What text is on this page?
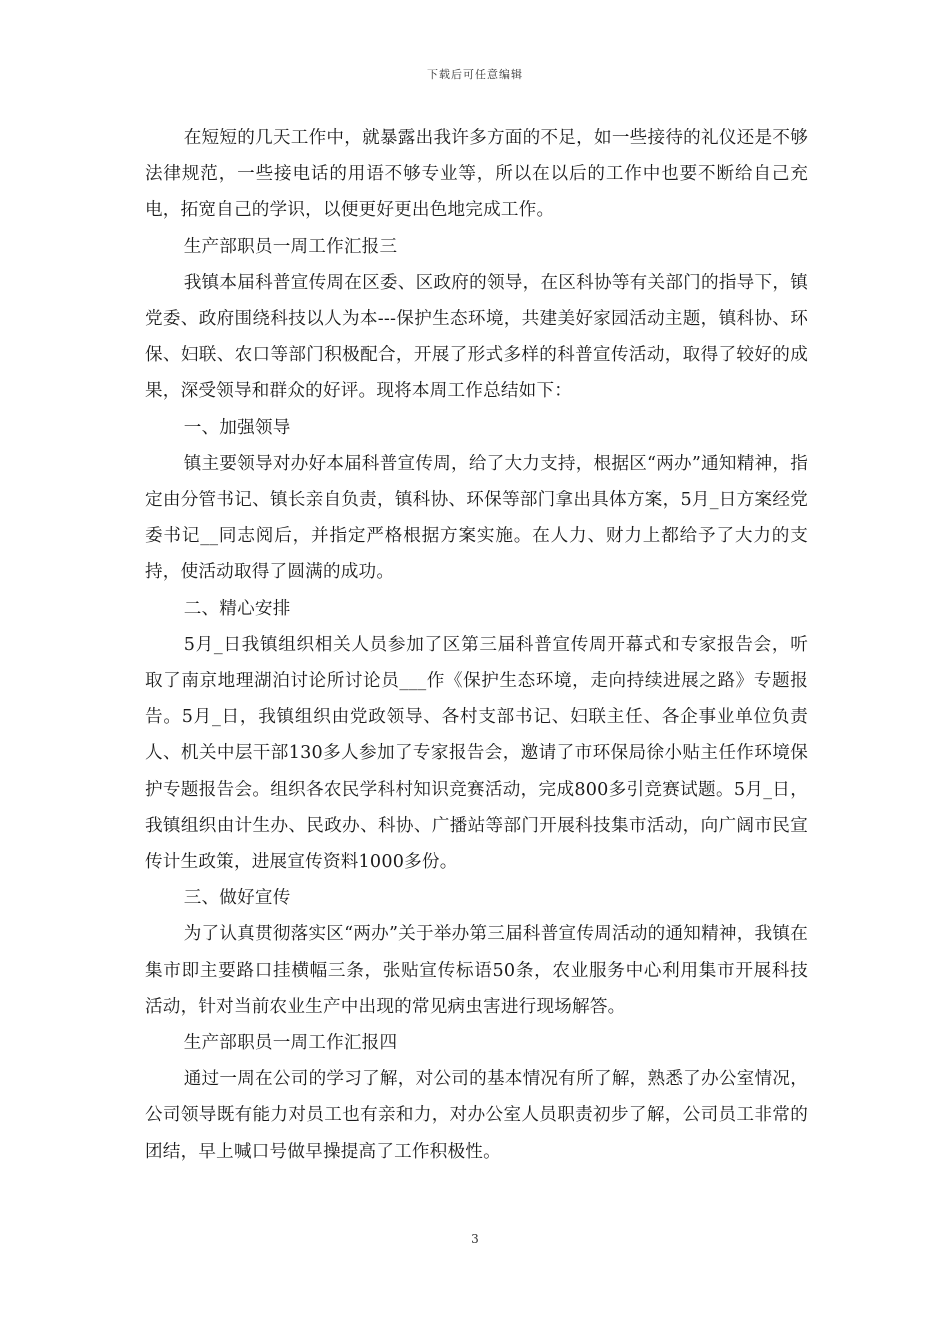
下载后可任意编辑

在短短的几天工作中，就暴露出我许多方面的不足，如一些接待的礼仪还是不够法律规范，一些接电话的用语不够专业等，所以在以后的工作中也要不断给自己充电，拓宽自己的学识，以便更好更出色地完成工作。

生产部职员一周工作汇报三

我镇本届科普宣传周在区委、区政府的领导，在区科协等有关部门的指导下，镇党委、政府围绕科技以人为本---保护生态环境，共建美好家园活动主题，镇科协、环保、妇联、农口等部门积极配合，开展了形式多样的科普宣传活动，取得了较好的成果，深受领导和群众的好评。现将本周工作总结如下：

一、加强领导

镇主要领导对办好本届科普宣传周，给了大力支持，根据区“两办”通知精神，指定由分管书记、镇长亲自负责，镇科协、环保等部门拿出具体方案，5月_日方案经党委书记__同志阅后，并指定严格根据方案实施。在人力、财力上都给予了大力的支持，使活动取得了圆满的成功。

二、精心安排

5月_日我镇组织相关人员参加了区第三届科普宣传周开幕式和专家报告会，听取了南京地理湖泊讨论所讨论员___作《保护生态环境，走向持续进展之路》专题报告。5月_日，我镇组织由党政领导、各村支部书记、妇联主任、各企事业单位负责人、机关中层干部130多人参加了专家报告会，邀请了市环保局徐小贴主任作环境保护专题报告会。组织各农民学科村知识竞赛活动，完成800多引竞赛试题。5月_日，我镇组织由计生办、民政办、科协、广播站等部门开展科技集市活动，向广阔市民宣传计生政策，进展宣传资料1000多份。

三、做好宣传

为了认真贯彻落实区“两办”关于举办第三届科普宣传周活动的通知精神，我镇在集市即主要路口挂横幅三条，张贴宣传标语50条，农业服务中心利用集市开展科技活动，针对当前农业生产中出现的常见病虫害进行现场解答。

生产部职员一周工作汇报四

通过一周在公司的学习了解，对公司的基本情况有所了解，熟悉了办公室情况，公司领导既有能力对员工也有亲和力，对办公室人员职责初步了解，公司员工非常的团结，早上喊口号做早操提高了工作积极性。

3
